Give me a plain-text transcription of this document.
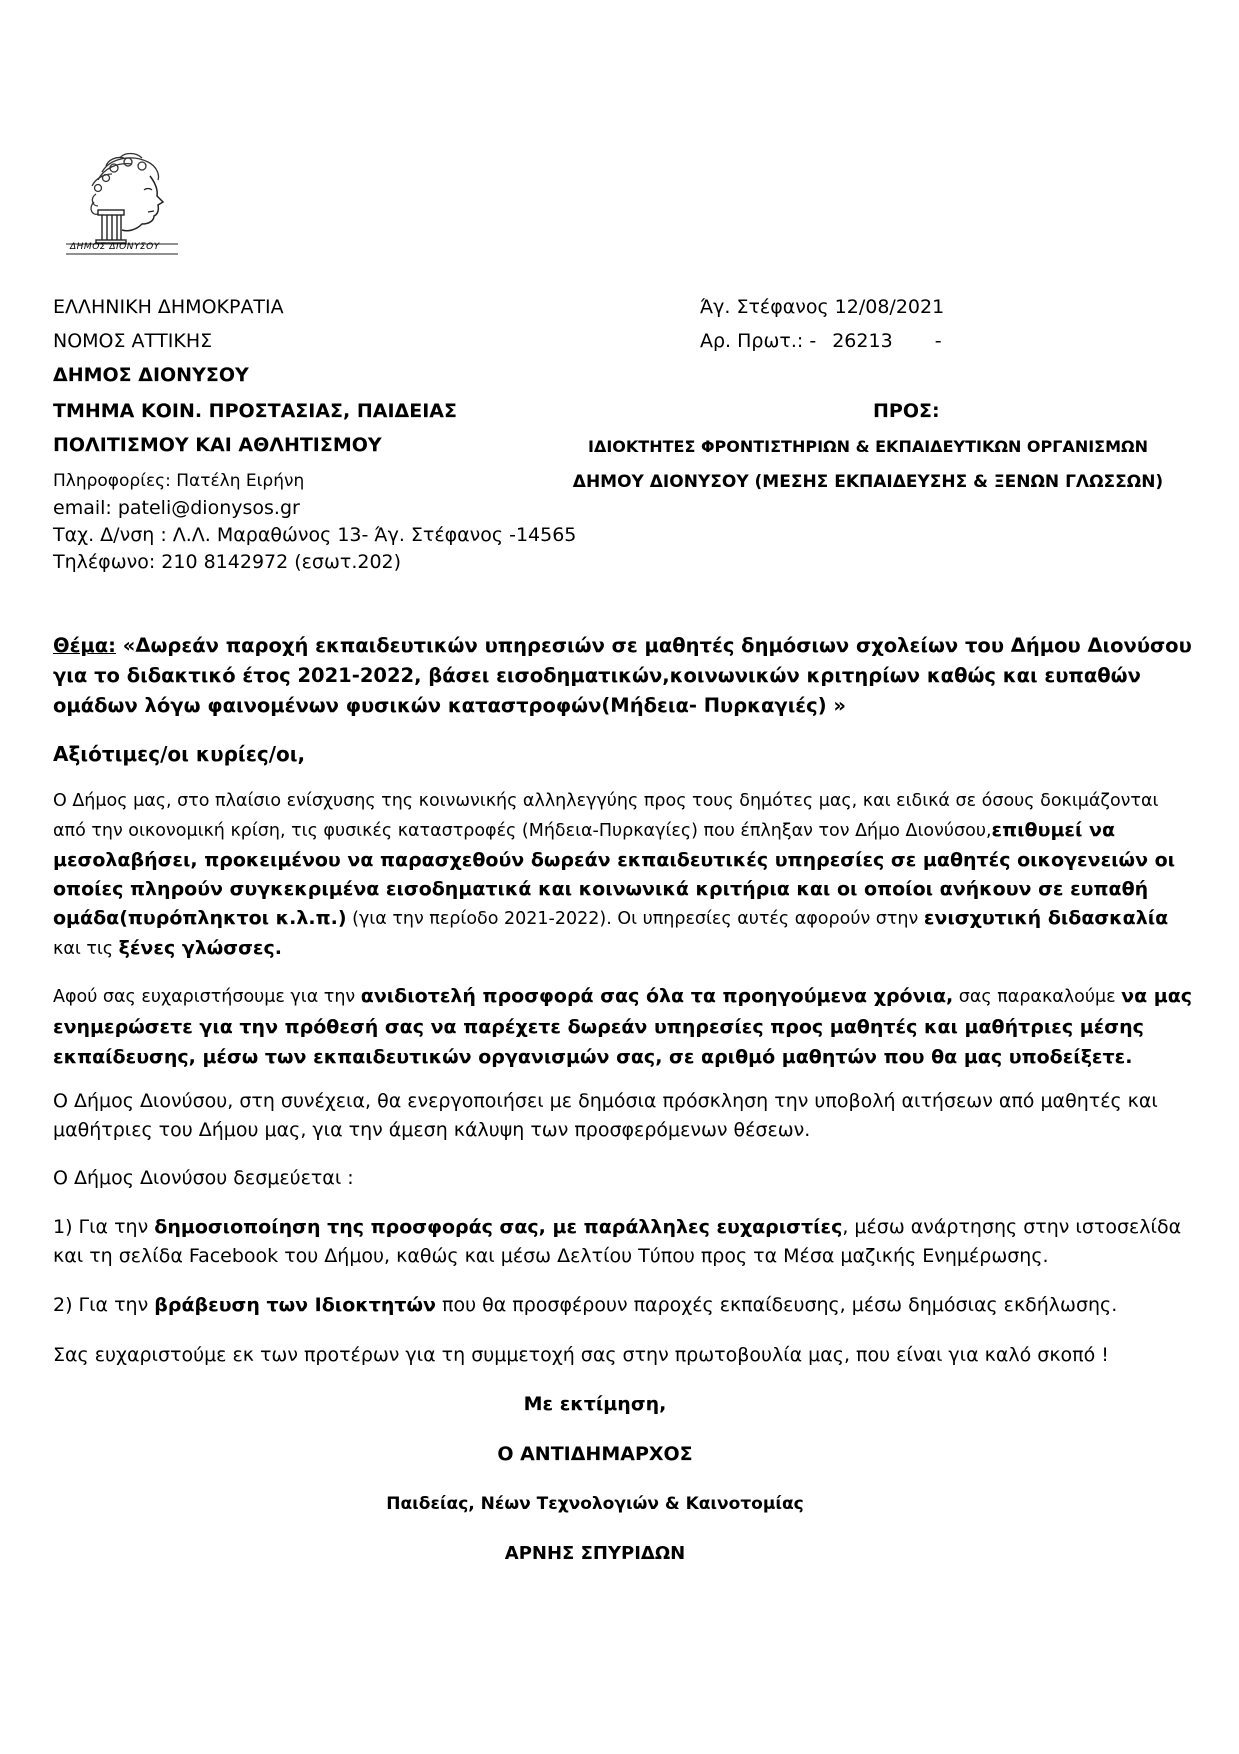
ΔΗΜΟΣ ΔΙΟΝΥΣΟΥ
ΕΛΛΗΝΙΚΗ ΔΗΜΟΚΡΑΤΙΑ
ΝΟΜΟΣ ΑΤΤΙΚΗΣ
ΔΗΜΟΣ ΔΙΟΝΥΣΟΥ
ΤΜΗΜΑ ΚΟΙΝ. ΠΡΟΣΤΑΣΙΑΣ, ΠΑΙΔΕΙΑΣ
ΠΟΛΙΤΙΣΜΟΥ ΚΑΙ ΑΘΛΗΤΙΣΜΟΥ
Πληροφορίες: Πατέλη Ειρήνη
email: pateli@dionysos.gr
Ταχ. Δ/νση : Λ.Λ. Μαραθώνος 13- Άγ. Στέφανος -14565
Τηλέφωνο: 210 8142972 (εσωτ.202)
Άγ. Στέφανος 12/08/2021
Αρ. Πρωτ.: - 26213 -
ΠΡΟΣ:
ΙΔΙΟΚΤΗΤΕΣ ΦΡΟΝΤΙΣΤΗΡΙΩΝ & ΕΚΠΑΙΔΕΥΤΙΚΩΝ ΟΡΓΑΝΙΣΜΩΝ
ΔΗΜΟΥ ΔΙΟΝΥΣΟΥ (ΜΕΣΗΣ ΕΚΠΑΙΔΕΥΣΗΣ & ΞΕΝΩΝ ΓΛΩΣΣΩΝ)
Θέμα: «Δωρεάν παροχή εκπαιδευτικών υπηρεσιών σε μαθητές δημόσιων σχολείων του Δήμου Διονύσου για το διδακτικό έτος 2021-2022, βάσει εισοδηματικών,κοινωνικών κριτηρίων καθώς και ευπαθών ομάδων λόγω φαινομένων φυσικών καταστροφών(Μήδεια- Πυρκαγιές) »
Αξιότιμες/οι κυρίες/οι,
Ο Δήμος μας, στο πλαίσιο ενίσχυσης της κοινωνικής αλληλεγγύης προς τους δημότες μας, και ειδικά σε όσους δοκιμάζονται από την οικονομική κρίση, τις φυσικές καταστροφές (Μήδεια-Πυρκαγίες) που έπληξαν τον Δήμο Διονύσου,επιθυμεί να μεσολαβήσει, προκειμένου να παρασχεθούν δωρεάν εκπαιδευτικές υπηρεσίες σε μαθητές οικογενειών οι οποίες πληρούν συγκεκριμένα εισοδηματικά και κοινωνικά κριτήρια και οι οποίοι ανήκουν σε ευπαθή ομάδα(πυρόπληκτοι κ.λ.π.) (για την περίοδο 2021-2022). Οι υπηρεσίες αυτές αφορούν στην ενισχυτική διδασκαλία και τις ξένες γλώσσες.
Αφού σας ευχαριστήσουμε για την ανιδιοτελή προσφορά σας όλα τα προηγούμενα χρόνια, σας παρακαλούμε να μας ενημερώσετε για την πρόθεσή σας να παρέχετε δωρεάν υπηρεσίες προς μαθητές και μαθήτριες μέσης εκπαίδευσης, μέσω των εκπαιδευτικών οργανισμών σας, σε αριθμό μαθητών που θα μας υποδείξετε.
Ο Δήμος Διονύσου, στη συνέχεια, θα ενεργοποιήσει με δημόσια πρόσκληση την υποβολή αιτήσεων από μαθητές και μαθήτριες του Δήμου μας, για την άμεση κάλυψη των προσφερόμενων θέσεων.
Ο Δήμος Διονύσου δεσμεύεται :
1) Για την δημοσιοποίηση της προσφοράς σας, με παράλληλες ευχαριστίες, μέσω ανάρτησης στην ιστοσελίδα και τη σελίδα Facebook του Δήμου, καθώς και μέσω Δελτίου Τύπου προς τα Μέσα μαζικής Ενημέρωσης.
2) Για την βράβευση των Ιδιοκτητών που θα προσφέρουν παροχές εκπαίδευσης, μέσω δημόσιας εκδήλωσης.
Σας ευχαριστούμε εκ των προτέρων για τη συμμετοχή σας στην πρωτοβουλία μας, που είναι για καλό σκοπό !
Με εκτίμηση,
Ο ΑΝΤΙΔΗΜΑΡΧΟΣ
Παιδείας, Νέων Τεχνολογιών & Καινοτομίας
ΑΡΝΗΣ ΣΠΥΡΙΔΩΝ
